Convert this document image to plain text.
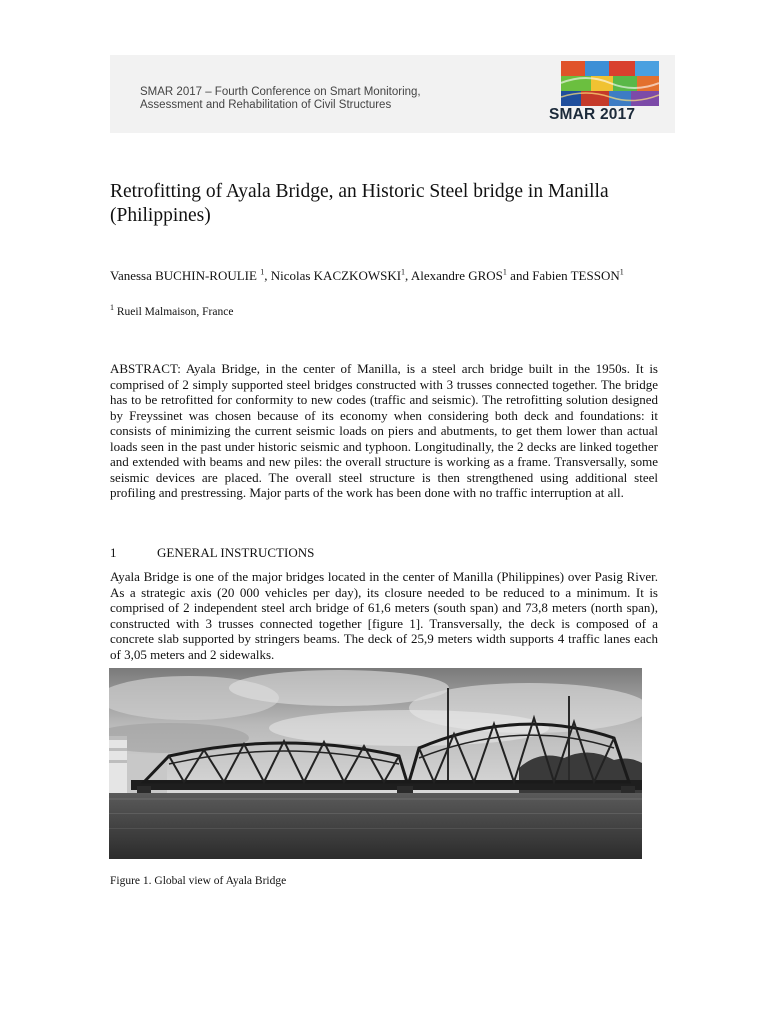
SMAR 2017 – Fourth Conference on Smart Monitoring,
Assessment and Rehabilitation of Civil Structures
SMAR 2017
Retrofitting of Ayala Bridge, an Historic Steel bridge in Manilla (Philippines)
Vanessa BUCHIN-ROULIE $^1$, Nicolas KACZKOWSKI$^1$, Alexandre GROS$^1$ and Fabien TESSON$^1$
$^1$ Rueil Malmaison, France

ABSTRACT: Ayala Bridge, in the center of Manilla, is a steel arch bridge built in the 1950s. It is comprised of 2 simply supported steel bridges constructed with 3 trusses connected together. The bridge has to be retrofitted for conformity to new codes (traffic and seismic). The retrofitting solution designed by Freyssinet was chosen because of its economy when considering both deck and foundations: it consists of minimizing the current seismic loads on piers and abutments, to get them lower than actual loads seen in the past under historic seismic and typhoon. Longitudinally, the 2 decks are linked together and extended with beams and new piles: the overall structure is working as a frame. Transversally, some seismic devices are placed. The overall steel structure is then strengthened using additional steel profiling and prestressing. Major parts of the work has been done with no traffic interruption at all.

1	GENERAL INSTRUCTIONS

Ayala Bridge is one of the major bridges located in the center of Manilla (Philippines) over Pasig River. As a strategic axis (20 000 vehicles per day), its closure needed to be reduced to a minimum. It is comprised of 2 independent steel arch bridge of 61,6 meters (south span) and 73,8 meters (north span), constructed with 3 trusses connected together [figure 1]. Transversally, the deck is composed of a concrete slab supported by stringers beams. The deck of 25,9 meters width supports 4 traffic lanes each of 3,05 meters and 2 sidewalks.

Figure 1. Global view of Ayala Bridge
